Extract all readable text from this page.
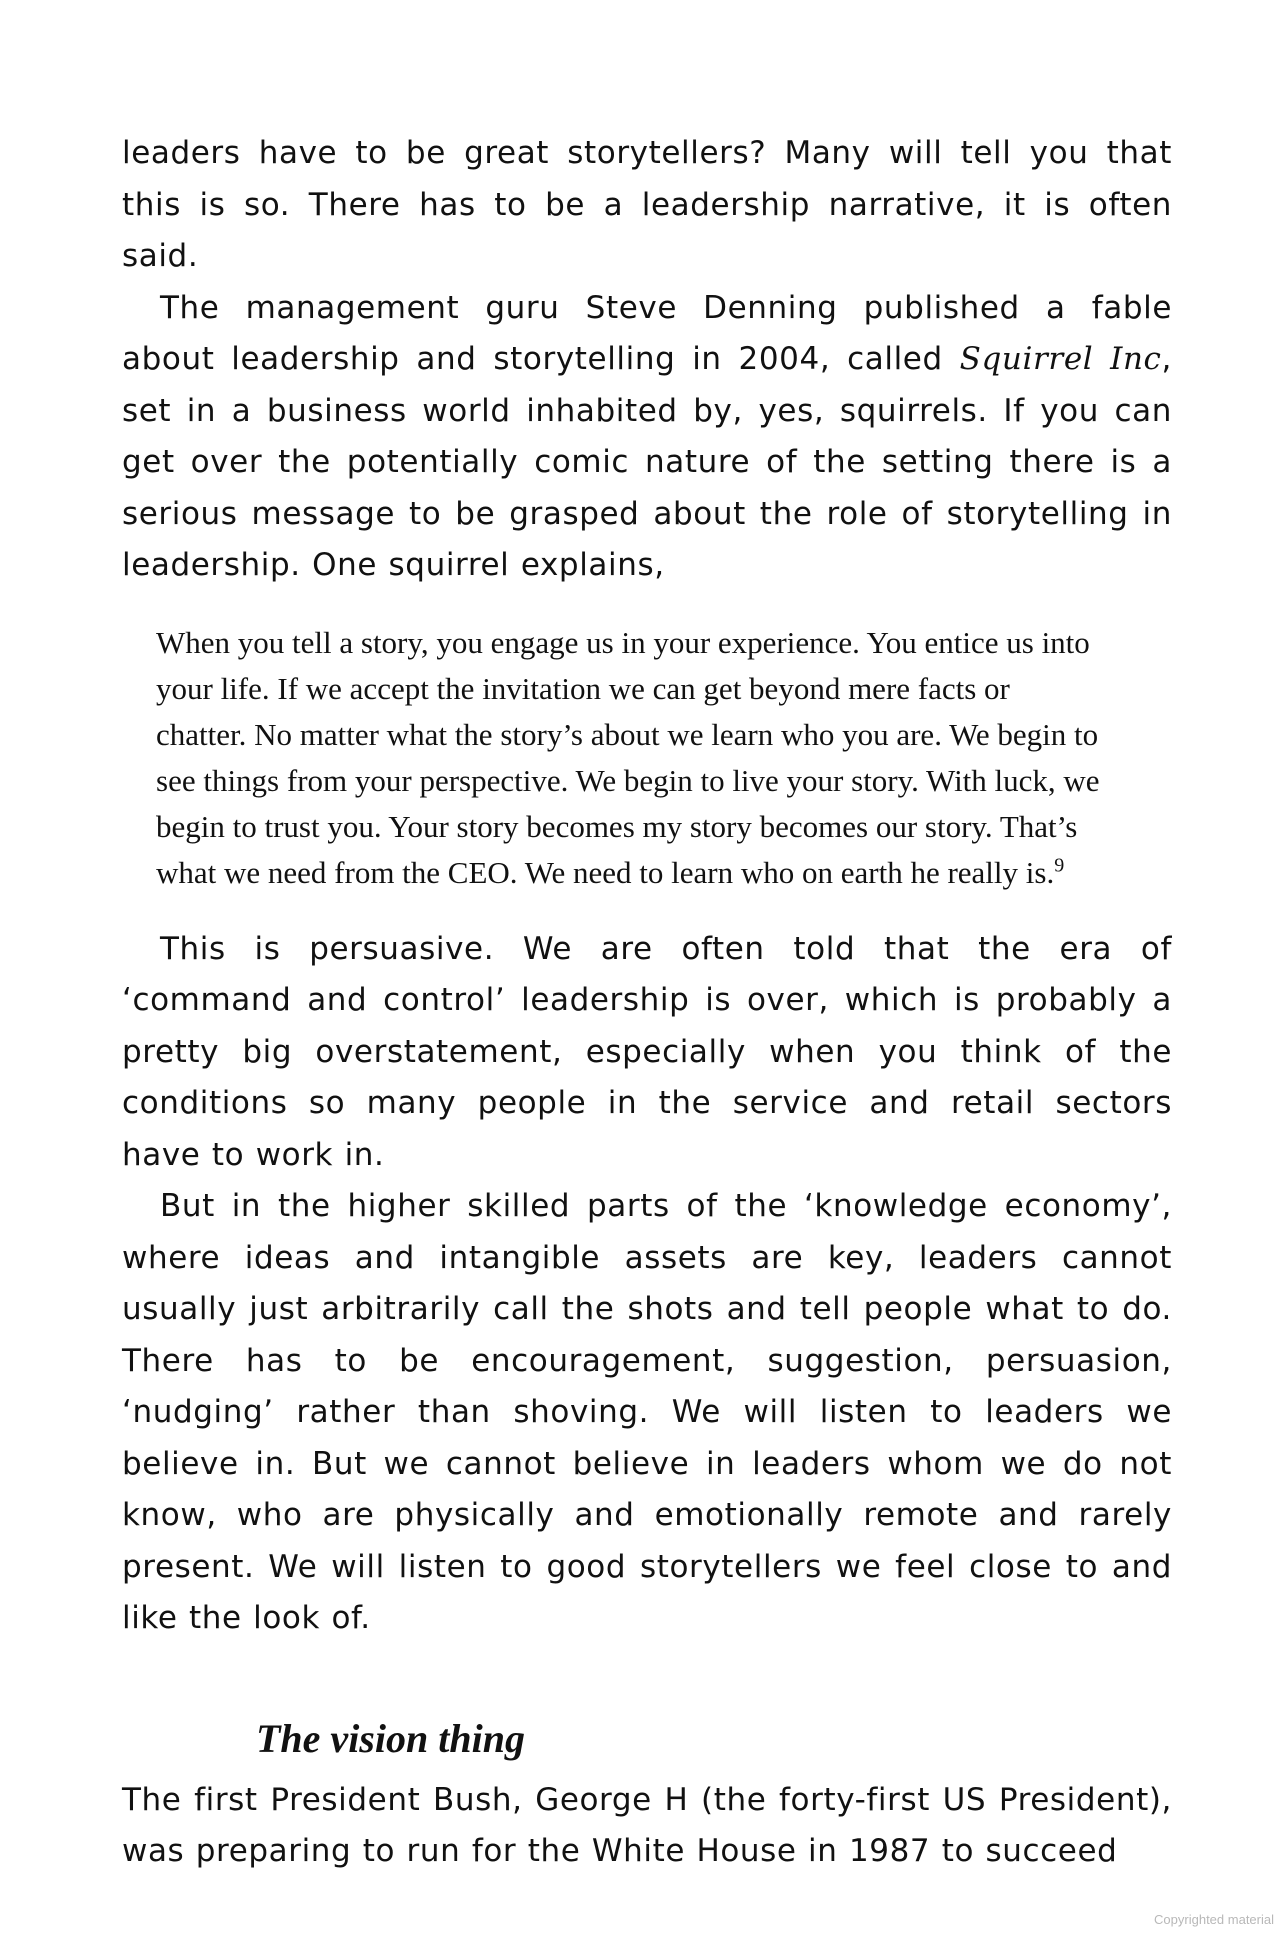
leaders have to be great storytellers? Many will tell you that this is so. There has to be a leadership narrative, it is often said.

The management guru Steve Denning published a fable about leadership and storytelling in 2004, called Squirrel Inc, set in a business world inhabited by, yes, squirrels. If you can get over the potentially comic nature of the setting there is a serious message to be grasped about the role of storytelling in leadership. One squirrel explains,

When you tell a story, you engage us in your experience. You entice us into your life. If we accept the invitation we can get beyond mere facts or chatter. No matter what the story’s about we learn who you are. We begin to see things from your perspective. We begin to live your story. With luck, we begin to trust you. Your story becomes my story becomes our story. That’s what we need from the CEO. We need to learn who on earth he really is.$^9$

This is persuasive. We are often told that the era of ‘command and control’ leadership is over, which is probably a pretty big overstatement, especially when you think of the conditions so many people in the service and retail sectors have to work in.

But in the higher skilled parts of the ‘knowledge economy’, where ideas and intangible assets are key, leaders cannot usually just arbitrarily call the shots and tell people what to do. There has to be encouragement, suggestion, persuasion, ‘nudging’ rather than shoving. We will listen to leaders we believe in. But we cannot believe in leaders whom we do not know, who are physically and emotionally remote and rarely present. We will listen to good storytellers we feel close to and like the look of.

The vision thing

The first President Bush, George H (the forty-first US President), was preparing to run for the White House in 1987 to succeed

Copyrighted material
